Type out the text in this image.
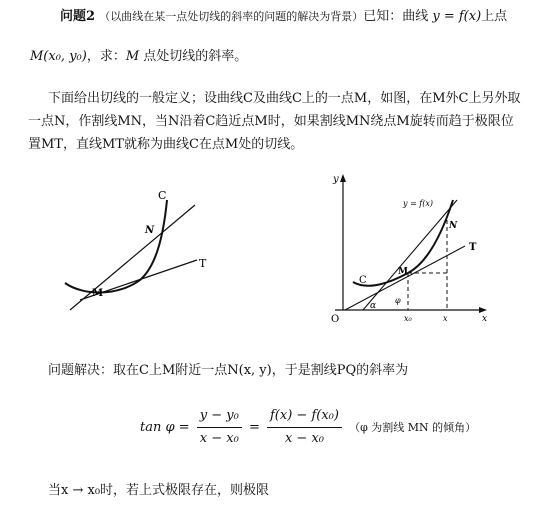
问题2 （以曲线在某一点处切线的斜率的问题的解决为背景）已知：曲线 y = f(x)上点
M(x₀, y₀)，求：M 点处切线的斜率。
下面给出切线的一般定义；设曲线C及曲线C上的一点M，如图，在M外C上另外取
一点N，作割线MN，当N沿着C趋近点M时，如果割线MN绕点M旋转而趋于极限位
置MT，直线MT就称为曲线C在点M处的切线。
C
N
T
M
y
y = f(x)
N
T
C
M
O
α
φ
x₀	x	x
问题解决：取在C上M附近一点N(x, y)，于是割线PQ的斜率为
$\tan \varphi = \frac{\text{y − y₀}}{\text{x − x₀}} = \frac{\text{f(x) − f(x₀)}}{\text{x − x₀}} (\varphi$ 为割线 MN 的倾角）
当x → x₀时，若上式极限存在，则极限
